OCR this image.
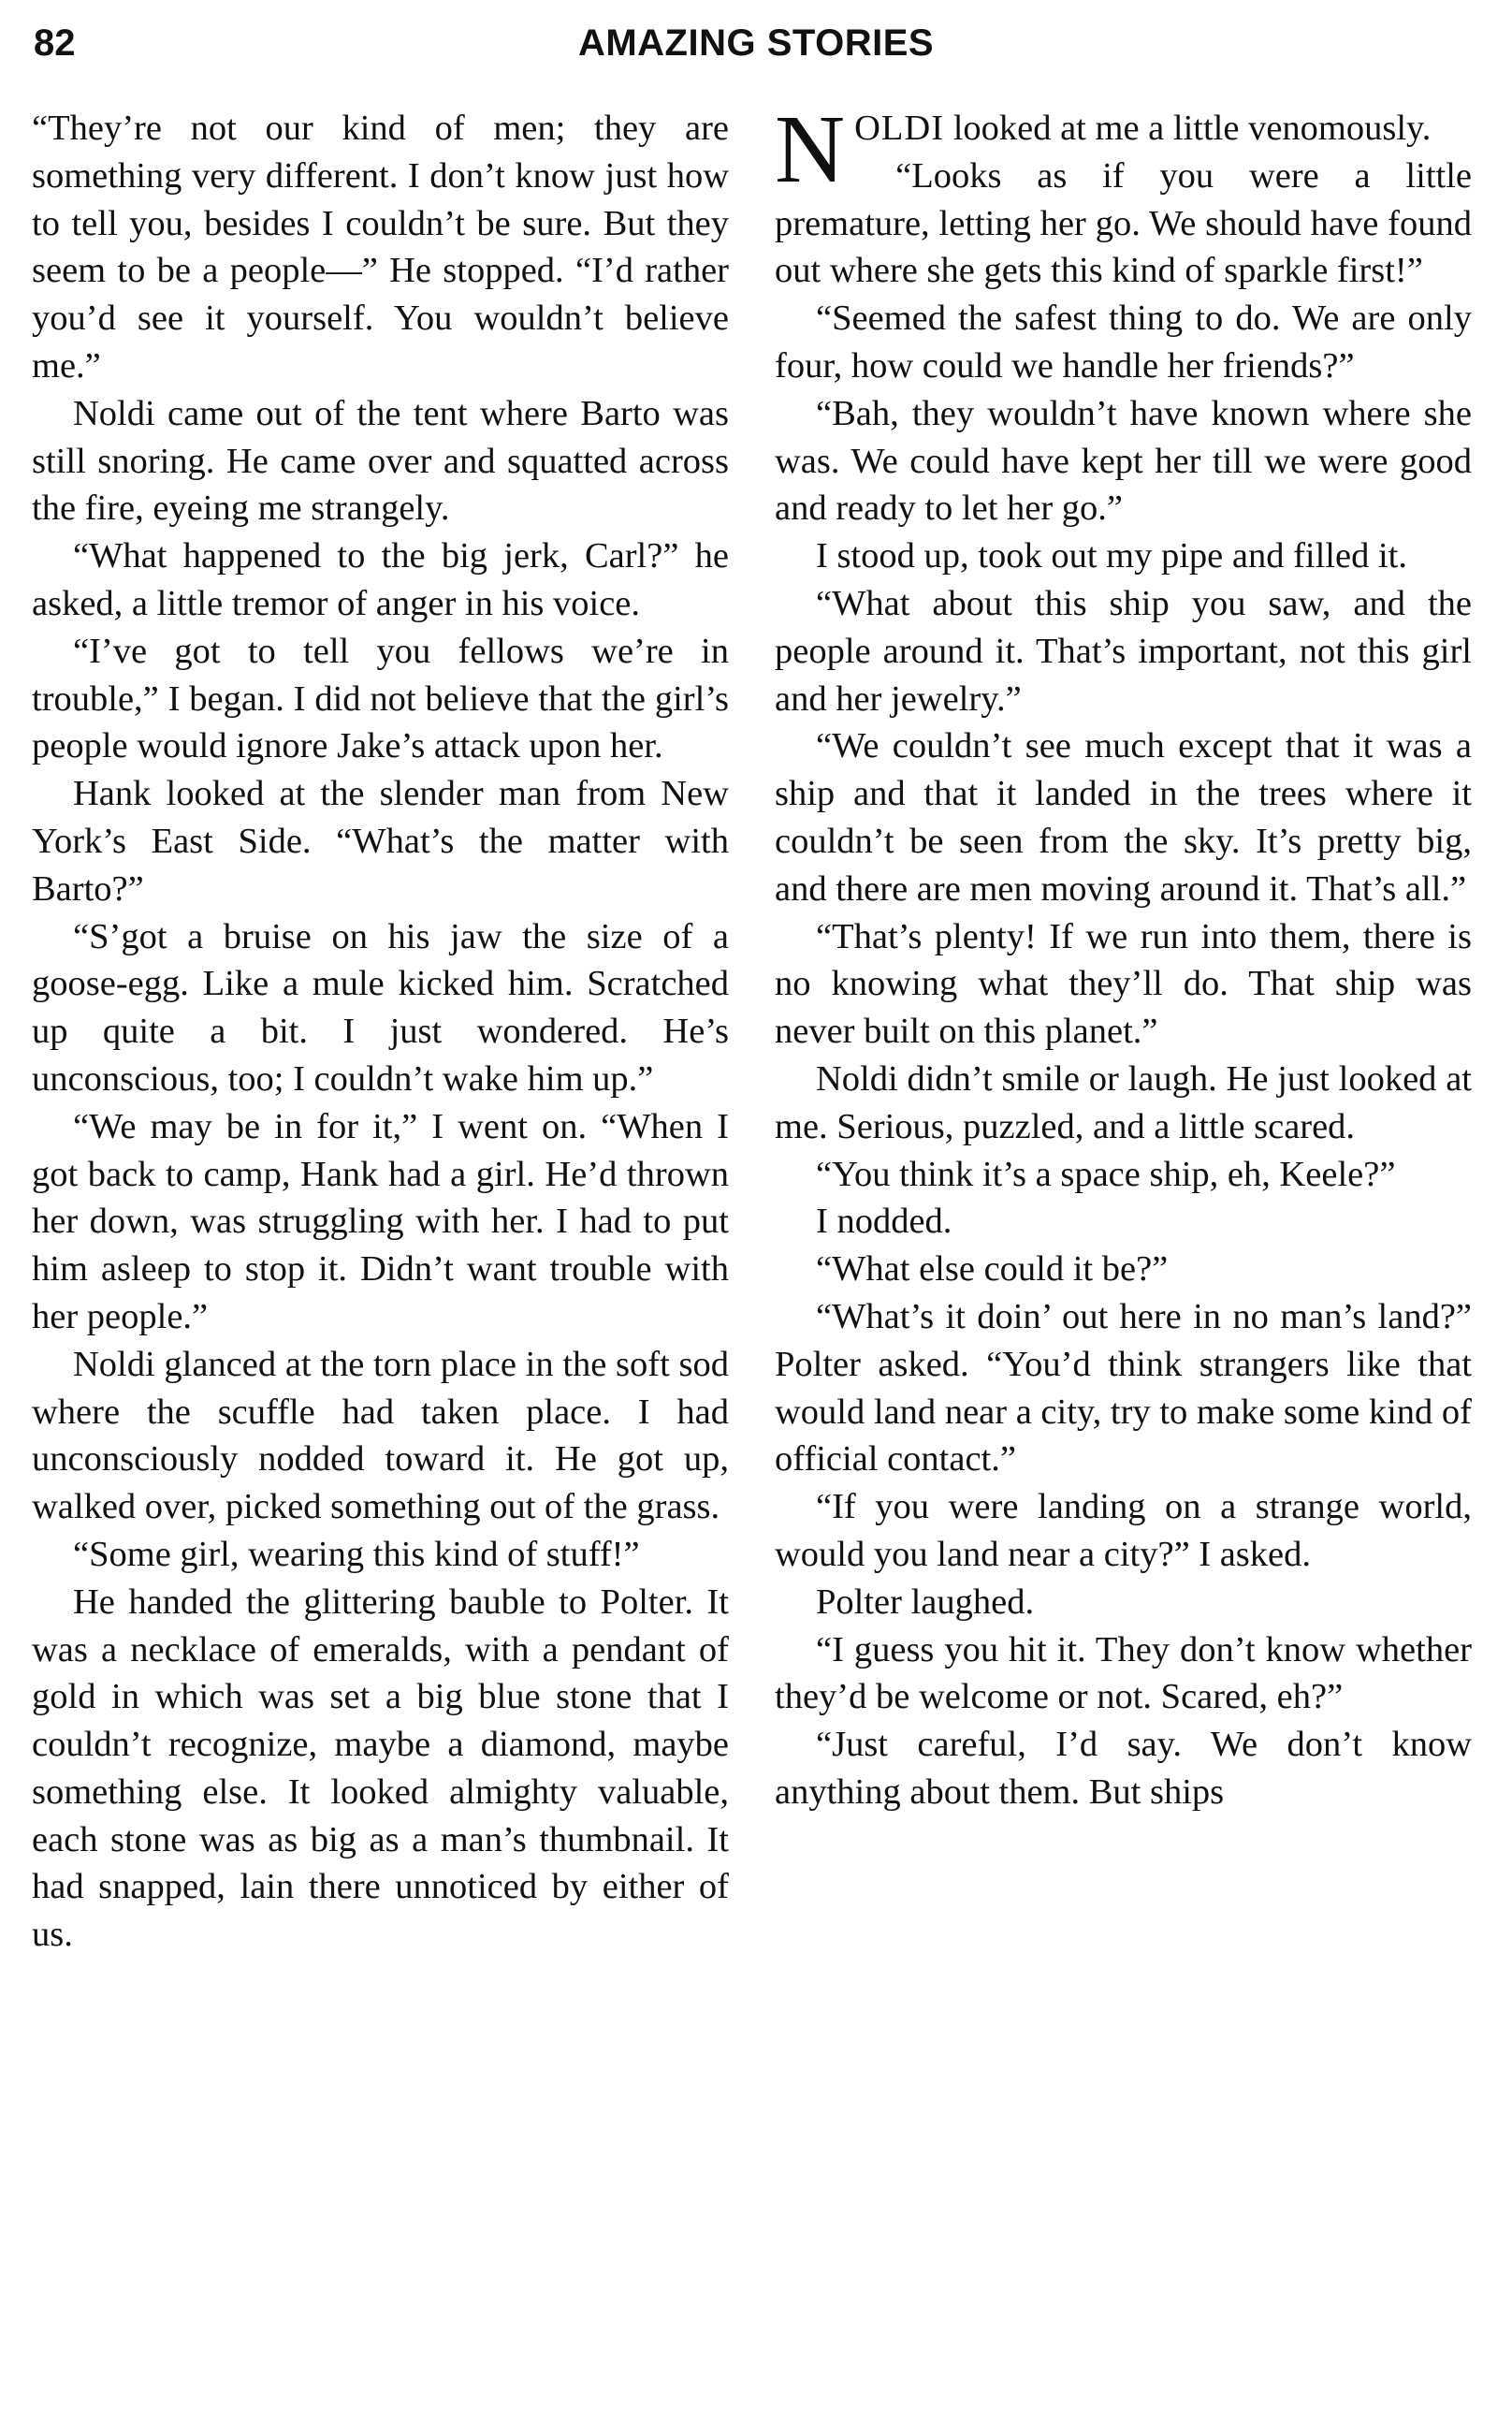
82	AMAZING STORIES

“They’re not our kind of men; they are something very different. I don’t know just how to tell you, besides I couldn’t be sure. But they seem to be a people—” He stopped. “I’d rather you’d see it yourself. You wouldn’t believe me.”

Noldi came out of the tent where Barto was still snoring. He came over and squatted across the fire, eyeing me strangely.

“What happened to the big jerk, Carl?” he asked, a little tremor of anger in his voice.

“I’ve got to tell you fellows we’re in trouble,” I began. I did not believe that the girl’s people would ignore Jake’s attack upon her.

Hank looked at the slender man from New York’s East Side. “What’s the matter with Barto?”

“S’got a bruise on his jaw the size of a goose-egg. Like a mule kicked him. Scratched up quite a bit. I just wondered. He’s unconscious, too; I couldn’t wake him up.”

“We may be in for it,” I went on. “When I got back to camp, Hank had a girl. He’d thrown her down, was struggling with her. I had to put him asleep to stop it. Didn’t want trouble with her people.”

Noldi glanced at the torn place in the soft sod where the scuffle had taken place. I had unconsciously nodded toward it. He got up, walked over, picked something out of the grass.

“Some girl, wearing this kind of stuff!”

He handed the glittering bauble to Polter. It was a necklace of emeralds, with a pendant of gold in which was set a big blue stone that I couldn’t recognize, maybe a diamond, maybe something else. It looked almighty valuable, each stone was as big as a man’s thumbnail. It had snapped, lain there unnoticed by either of us.

NOLDI looked at me a little venomously.

“Looks as if you were a little premature, letting her go. We should have found out where she gets this kind of sparkle first!”

“Seemed the safest thing to do. We are only four, how could we handle her friends?”

“Bah, they wouldn’t have known where she was. We could have kept her till we were good and ready to let her go.”

I stood up, took out my pipe and filled it.

“What about this ship you saw, and the people around it. That’s important, not this girl and her jewelry.”

“We couldn’t see much except that it was a ship and that it landed in the trees where it couldn’t be seen from the sky. It’s pretty big, and there are men moving around it. That’s all.”

“That’s plenty! If we run into them, there is no knowing what they’ll do. That ship was never built on this planet.”

Noldi didn’t smile or laugh. He just looked at me. Serious, puzzled, and a little scared.

“You think it’s a space ship, eh, Keele?”

I nodded.

“What else could it be?”

“What’s it doin’ out here in no man’s land?” Polter asked. “You’d think strangers like that would land near a city, try to make some kind of official contact.”

“If you were landing on a strange world, would you land near a city?” I asked.

Polter laughed.

“I guess you hit it. They don’t know whether they’d be welcome or not. Scared, eh?”

“Just careful, I’d say. We don’t know anything about them. But ships
